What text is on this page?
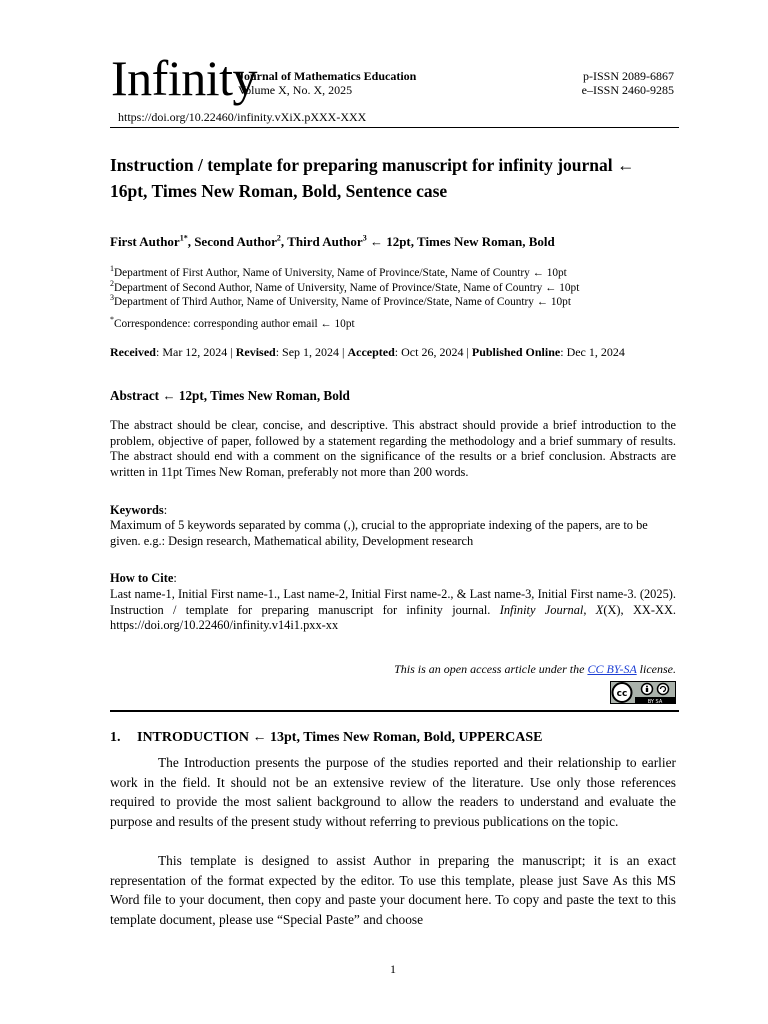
Infinity
Journal of Mathematics Education
Volume X, No. X, 2025
p-ISSN 2089-6867
e–ISSN 2460-9285
https://doi.org/10.22460/infinity.vXiX.pXXX-XXX
Instruction / template for preparing manuscript for infinity journal ← 16pt, Times New Roman, Bold, Sentence case
First Author$^{1*}$, Second Author$^2$, Third Author$^3$ ← 12pt, Times New Roman, Bold
$^1$Department of First Author, Name of University, Name of Province/State, Name of Country ← 10pt
$^2$Department of Second Author, Name of University, Name of Province/State, Name of Country ← 10pt
$^3$Department of Third Author, Name of University, Name of Province/State, Name of Country ← 10pt
*Correspondence: corresponding author email ← 10pt
Received: Mar 12, 2024 | Revised: Sep 1, 2024 | Accepted: Oct 26, 2024 | Published Online: Dec 1, 2024
Abstract ← 12pt, Times New Roman, Bold
The abstract should be clear, concise, and descriptive. This abstract should provide a brief introduction to the problem, objective of paper, followed by a statement regarding the methodology and a brief summary of results. The abstract should end with a comment on the significance of the results or a brief conclusion. Abstracts are written in 11pt Times New Roman, preferably not more than 200 words.
Keywords:
Maximum of 5 keywords separated by comma (,), crucial to the appropriate indexing of the papers, are to be given. e.g.: Design research, Mathematical ability, Development research
How to Cite:
Last name-1, Initial First name-1., Last name-2, Initial First name-2., & Last name-3, Initial First name-3. (2025). Instruction / template for preparing manuscript for infinity journal. Infinity Journal, X(X), XX-XX. https://doi.org/10.22460/infinity.v14i1.pxx-xx
This is an open access article under the CC BY-SA license.
cc
BY SA
1. INTRODUCTION ← 13pt, Times New Roman, Bold, UPPERCASE
The Introduction presents the purpose of the studies reported and their relationship to earlier work in the field. It should not be an extensive review of the literature. Use only those references required to provide the most salient background to allow the readers to understand and evaluate the purpose and results of the present study without referring to previous publications on the topic.
This template is designed to assist Author in preparing the manuscript; it is an exact representation of the format expected by the editor. To use this template, please just Save As this MS Word file to your document, then copy and paste your document here. To copy and paste the text to this template document, please use “Special Paste” and choose
1
